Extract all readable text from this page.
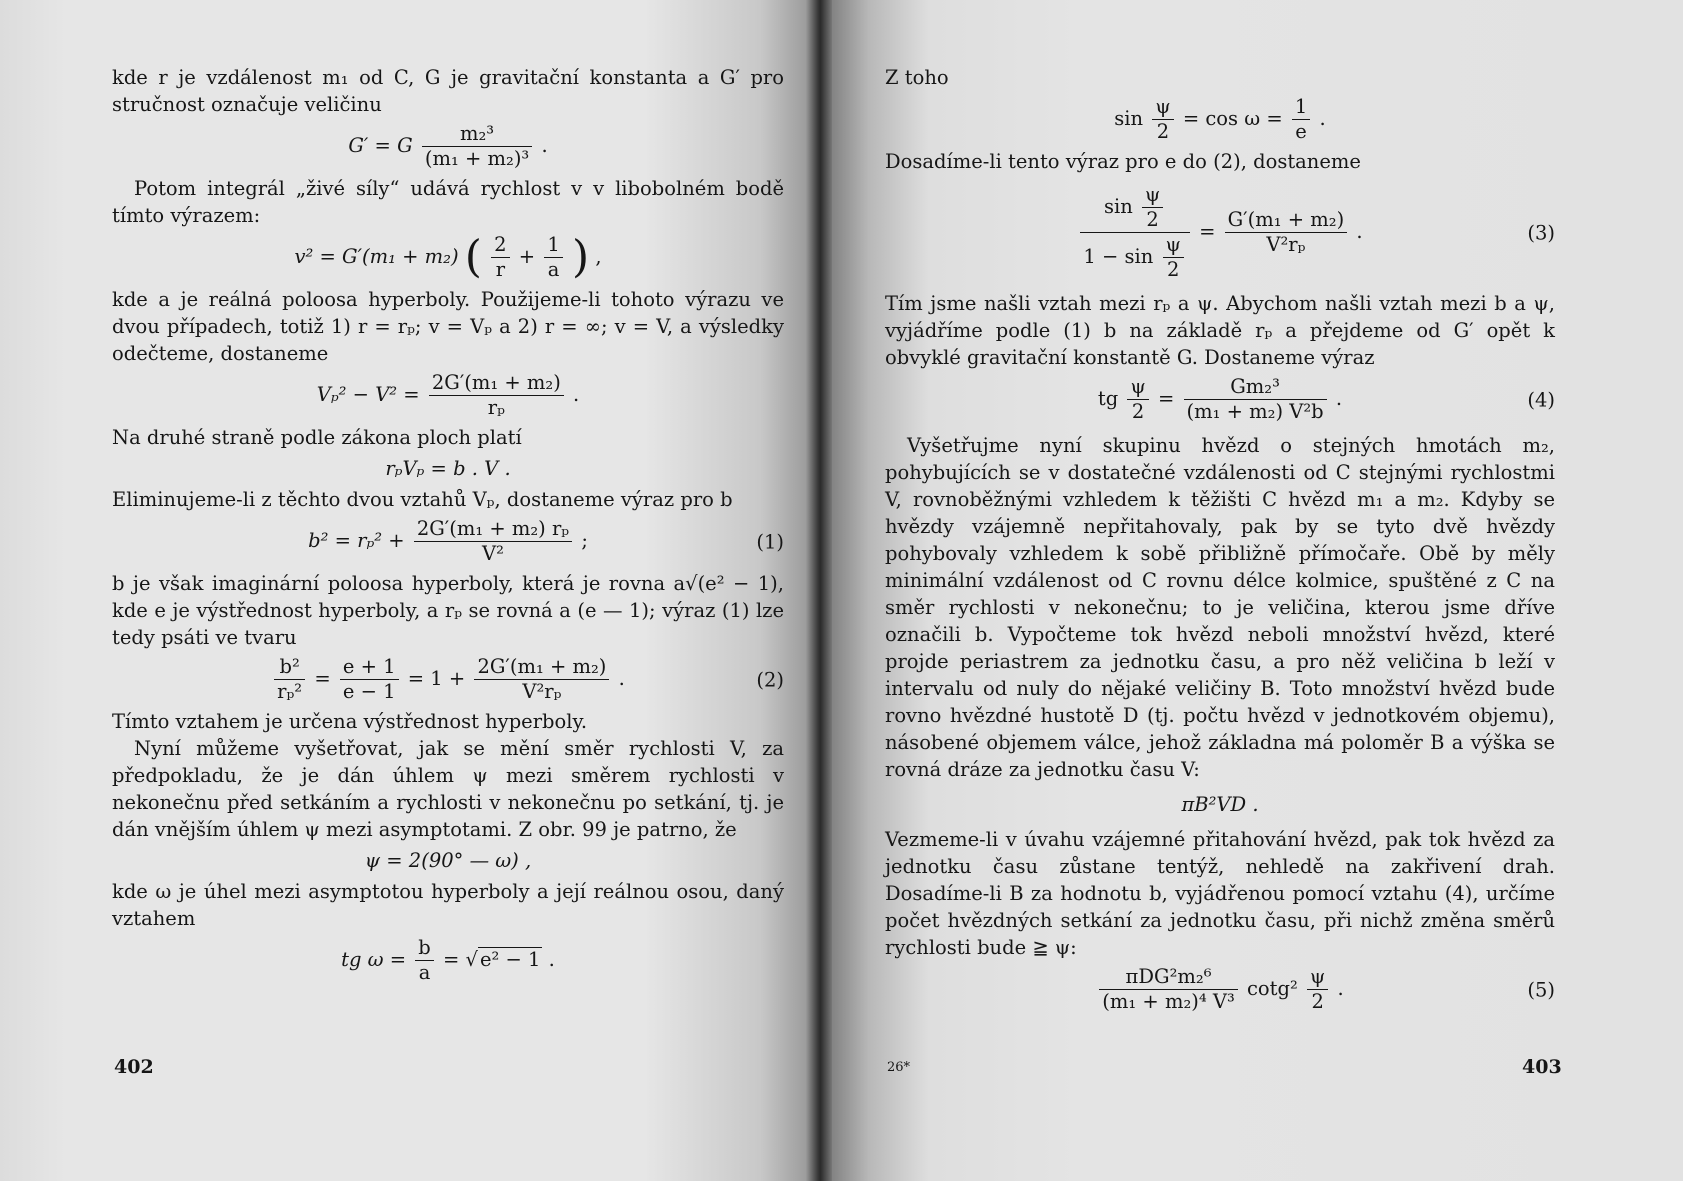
kde r je vzdálenost m₁ od C, G je gravitační konstanta a G′ pro stručnost označuje veličinu

G′ = G $\frac{\text{m₂³}}{\text{(m₁ + m₂)³}}$ .

Potom integrál „živé síly“ udává rychlost v v libobolném bodě tímto výrazem:

v² = G′(m₁ + m₂) ( $\frac{2}{r} + \frac{1}{a}$ ) ,

kde a je reálná poloosa hyperboly. Použijeme-li tohoto výrazu ve dvou případech, totiž 1) r = rₚ; v = Vₚ a 2) r = ∞; v = V, a výsledky odečteme, dostaneme

$V_p^2 - V^2 = \frac{\text{2G′(m₁ + m₂)}}{\text{rₚ}}$ .

Na druhé straně podle zákona ploch platí

rₚVₚ = b . V .

Eliminujeme-li z těchto dvou vztahů Vₚ, dostaneme výraz pro b

$b^2 = r_p^2 + \frac{\text{2G′(m₁ + m₂) rₚ}}{\text{V²}}$ ;	(1)

b je však imaginární poloosa hyperboly, která je rovna a√(e² − 1), kde e je výstřednost hyperboly, a rₚ se rovná a (e — 1); výraz (1) lze tedy psáti ve tvaru

$\frac{\text{b²}}{\text{rₚ²}} = \frac{e + 1}{e - 1} = 1 + \frac{\text{2G′(m₁ + m₂)}}{\text{V²rₚ}}$ .	(2)

Tímto vztahem je určena výstřednost hyperboly.

Nyní můžeme vyšetřovat, jak se mění směr rychlosti V, za předpokladu, že je dán úhlem ψ mezi směrem rychlosti v nekonečnu před setkáním a rychlosti v nekonečnu po setkání, tj. je dán vnějším úhlem ψ mezi asymptotami. Z obr. 99 je patrno, že

ψ = 2(90° — ω) ,

kde ω je úhel mezi asymptotou hyperboly a její reálnou osou, daný vztahem

tg $\omega = \frac{b}{a}$ = √ e² − 1 .
402

Z toho

$\sin \frac{\psi}{2} = \cos \omega = \frac{1}{e}$ .

Dosadíme-li tento výraz pro e do (2), dostaneme

$\frac{\sin \frac{\psi}{2}}{1 - \sin \frac{\psi}{2}} = \frac{\text{G′(m₁ + m₂)}}{\text{V²rₚ}}$ .	(3)

Tím jsme našli vztah mezi rₚ a ψ. Abychom našli vztah mezi b a ψ, vyjádříme podle (1) b na základě rₚ a přejdeme od G′ opět k obvyklé gravitační konstantě G. Dostaneme výraz

tg $\frac{\psi}{2} = \frac{\text{Gm₂³}}{\text{(m₁ + m₂) V²b}}$ .	(4)

Vyšetřujme nyní skupinu hvězd o stejných hmotách m₂, pohybujících se v dostatečné vzdálenosti od C stejnými rychlostmi V, rovnoběžnými vzhledem k těžišti C hvězd m₁ a m₂. Kdyby se hvězdy vzájemně nepřitahovaly, pak by se tyto dvě hvězdy pohybovaly vzhledem k sobě přibližně přímočaře. Obě by měly minimální vzdálenost od C rovnu délce kolmice, spuštěné z C na směr rychlosti v nekonečnu; to je veličina, kterou jsme dříve označili b. Vypočteme tok hvězd neboli množství hvězd, které projde periastrem za jednotku času, a pro něž veličina b leží v intervalu od nuly do nějaké veličiny B. Toto množství hvězd bude rovno hvězdné hustotě D (tj. počtu hvězd v jednotkovém objemu), násobené objemem válce, jehož základna má poloměr B a výška se rovná dráze za jednotku času V:

πB²VD .

Vezmeme-li v úvahu vzájemné přitahování hvězd, pak tok hvězd za jednotku času zůstane tentýž, nehledě na zakřivení drah. Dosadíme-li B za hodnotu b, vyjádřenou pomocí vztahu (4), určíme počet hvězdných setkání za jednotku času, při nichž změna směrů rychlosti bude ≧ ψ:

$\frac{\text{πDG²m₂⁶}}{\text{(m₁ + m₂)⁴ V³}} \cot g^2 \frac{\psi}{2}$ .	(5)
26*	403
